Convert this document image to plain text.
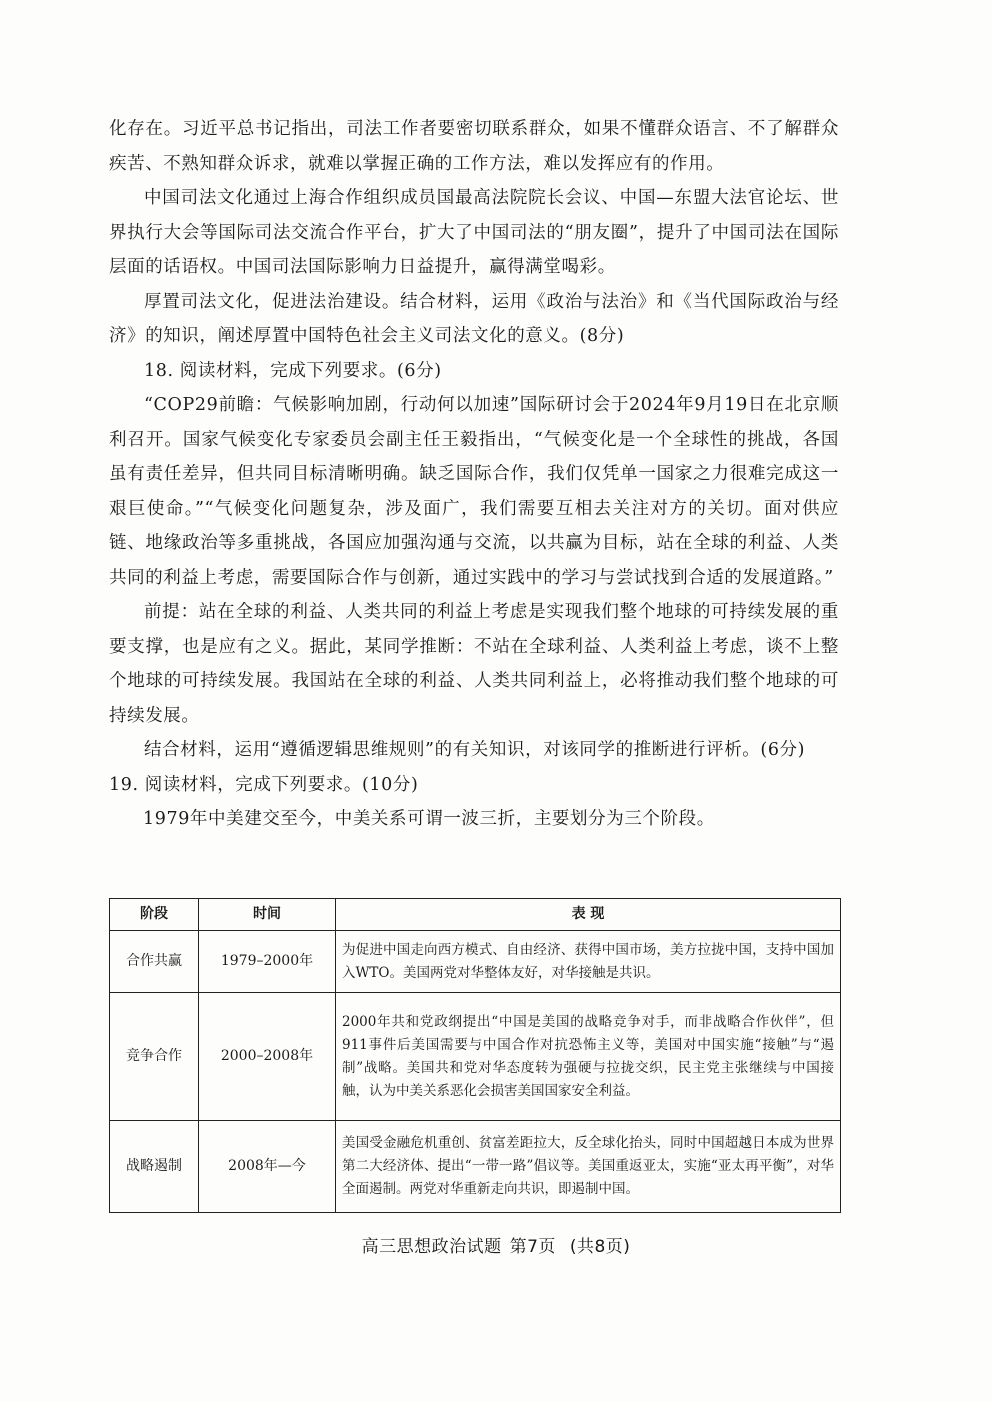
化存在。习近平总书记指出，司法工作者要密切联系群众，如果不懂群众语言、不了解群众疾苦、不熟知群众诉求，就难以掌握正确的工作方法，难以发挥应有的作用。

中国司法文化通过上海合作组织成员国最高法院院长会议、中国—东盟大法官论坛、世界执行大会等国际司法交流合作平台，扩大了中国司法的“朋友圈”，提升了中国司法在国际层面的话语权。中国司法国际影响力日益提升，赢得满堂喝彩。

厚置司法文化，促进法治建设。结合材料，运用《政治与法治》和《当代国际政治与经济》的知识，阐述厚置中国特色社会主义司法文化的意义。(8分)

18. 阅读材料，完成下列要求。(6分)

“COP29前瞻：气候影响加剧，行动何以加速”国际研讨会于2024年9月19日在北京顺利召开。国家气候变化专家委员会副主任王毅指出，“气候变化是一个全球性的挑战，各国虽有责任差异，但共同目标清晰明确。缺乏国际合作，我们仅凭单一国家之力很难完成这一艰巨使命。”“气候变化问题复杂，涉及面广，我们需要互相去关注对方的关切。面对供应链、地缘政治等多重挑战，各国应加强沟通与交流，以共赢为目标，站在全球的利益、人类共同的利益上考虑，需要国际合作与创新，通过实践中的学习与尝试找到合适的发展道路。”

前提：站在全球的利益、人类共同的利益上考虑是实现我们整个地球的可持续发展的重要支撑，也是应有之义。据此，某同学推断：不站在全球利益、人类利益上考虑，谈不上整个地球的可持续发展。我国站在全球的利益、人类共同利益上，必将推动我们整个地球的可持续发展。

结合材料，运用“遵循逻辑思维规则”的有关知识，对该同学的推断进行评析。(6分)

19. 阅读材料，完成下列要求。(10分)

1979年中美建交至今，中美关系可谓一波三折，主要划分为三个阶段。

阶段	时间	表 现
合作共赢	1979–2000年	为促进中国走向西方模式、自由经济、获得中国市场，美方拉拢中国，支持中国加入WTO。美国两党对华整体友好，对华接触是共识。
竞争合作	2000–2008年	2000年共和党政纲提出“中国是美国的战略竞争对手，而非战略合作伙伴”，但911事件后美国需要与中国合作对抗恐怖主义等，美国对中国实施“接触”与“遏制”战略。美国共和党对华态度转为强硬与拉拢交织，民主党主张继续与中国接触，认为中美关系恶化会损害美国国家安全利益。
战略遏制	2008年—今	美国受金融危机重创、贫富差距拉大，反全球化抬头，同时中国超越日本成为世界第二大经济体、提出“一带一路”倡议等。美国重返亚太，实施“亚太再平衡”，对华全面遏制。两党对华重新走向共识，即遏制中国。
高三思想政治试题 第7页 (共8页)
